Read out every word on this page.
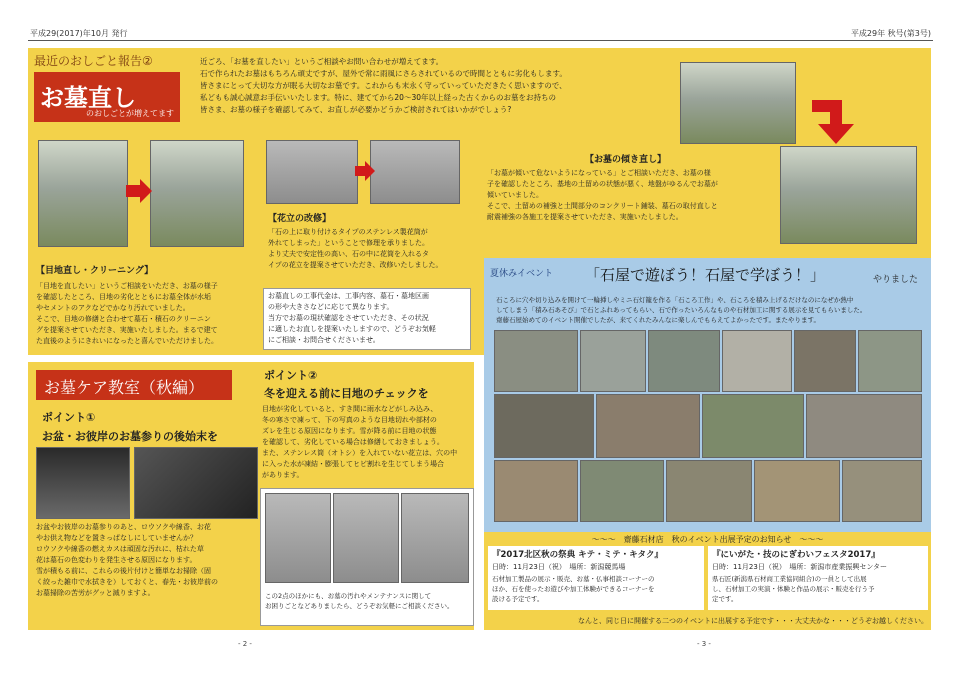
平成29(2017)年10月 発行	平成29年 秋号(第3号)
最近のおしごと報告②
お墓直し
のおしごとが増えてます
近ごろ、「お墓を直したい」というご相談やお問い合わせが増えてます。
石で作られたお墓はもちろん頑丈ですが、屋外で常に雨風にさらされているので時間とともに劣化もします。
皆さまにとって大切な方が眠る大切なお墓です。これからも末永く守っていっていただきたく思いますので、
私どもも誠心誠意お手伝いいたします。特に、建ててから20～30年以上経った古くからのお墓をお持ちの
皆さま、お墓の様子を確認してみて、お直しが必要かどうかご検討されてはいかがでしょう?
【お墓の傾き直し】
「お墓が傾いて危ないようになっている」とご相談いただき、お墓の様
子を確認したところ、基地の土留めの状態が悪く、地盤がゆるんでお墓が
傾いていました。
そこで、土留めの補強と土間部分のコンクリート鋪装、墓石の取付直しと
耐震補強の各施工を提案させていただき、実施いたしました。
【花立の改修】
「石の上に取り付けるタイプのステンレス製花筒が
外れてしまった」ということで修理を承りました。
より丈夫で安定性の高い、石の中に花筒を入れるタ
イプの花立を提案させていただき、改修いたしました。
お墓直しの工事代金は、工事内容、墓石・墓地区画
の形や大きさなどに応じて異なります。
当方でお墓の現状確認をさせていただき、その状況
に適したお直しを提案いたしますので、どうぞお気軽
にご相談・お問合せくださいませ。
【目地直し・クリーニング】
「目地を直したい」というご相談をいただき、お墓の様子
を確認したところ、目地の劣化とともにお墓全体が水垢
やセメントのアクなどでかなり汚れていました。
そこで、目地の修繕と合わせて墓石・積石のクリーニン
グを提案させていただき、実施いたしました。まるで建て
た直後のようにきれいになったと喜んでいただけました。
お墓ケア教室（秋編）
ポイント①
お盆・お彼岸のお墓参りの後始末を
お盆やお彼岸のお墓参りのあと、ロウソクや線香、お花
やお供え物などを置きっぱなしにしていませんか？
ロウソクや線香の燃えカスは頑固な汚れに、枯れた草
花は墓石の色変わりを発生させる原因になります。
雪が積もる前に、これらの後片付けと簡単なお掃除（固
く絞った雑巾で水拭きを）しておくと、春先・お彼岸前の
お墓掃除の苦労がグッと減りますよ。
ポイント②
冬を迎える前に目地のチェックを
目地が劣化していると、すき間に雨水などがしみ込み、
冬の寒さで凍って、下の写真のような目地切れや部材の
ズレを生じる原因になります。雪が降る前に目地の状態
を確認して、劣化している場合は修繕しておきましょう。
また、ステンレス筒（オトシ）を入れていない花立は、穴の中
に入った水が凍結・膨張してヒビ割れを生じてしまう場合
があります。
この2点のほかにも、お墓の汚れやメンテナンスに関して
お困りごとなどありましたら、どうぞお気軽にご相談ください。
夏休みイベント 「石屋で遊ぼう！石屋で学ぼう！」	やりました
石ころに穴や切り込みを開けて一輪挿しやミニ石灯籠を作る「石ころ工作」や、石ころを積み上げるだけなのになぜか熱中
してしまう「積み石あそび」で石とふれあってもらい、石で作ったいろんなものや石材加工に関する展示を見てもらいました。
齋藤石屋始めてのイベント開催でしたが、来てくれたみんなに楽しんでもらえてよかったです。またやります。
～～～　齋藤石材店　秋のイベント出展予定のお知らせ　～～～
『2017北区秋の祭典 キテ・ミテ・キタク』
日時：11月23日（祝）　場所：新潟競馬場
石材加工製品の展示・販売、お墓・仏事相談コーナーの
ほか、石を使ったお遊びや加工体験ができるコーナーを
設ける予定です。
『にいがた・技のにぎわいフェスタ2017』
日時：11月23日（祝）　場所：新潟市産業振興センター
県石匠(新潟県石材商工業協同組合)の一員として出展
し、石材加工の実演・体験と作品の展示・販売を行う予
定です。
なんと、同じ日に開催する二つのイベントに出展する予定です・・・大丈夫かな・・・どうぞお越しください。
- 2 -	- 3 -
